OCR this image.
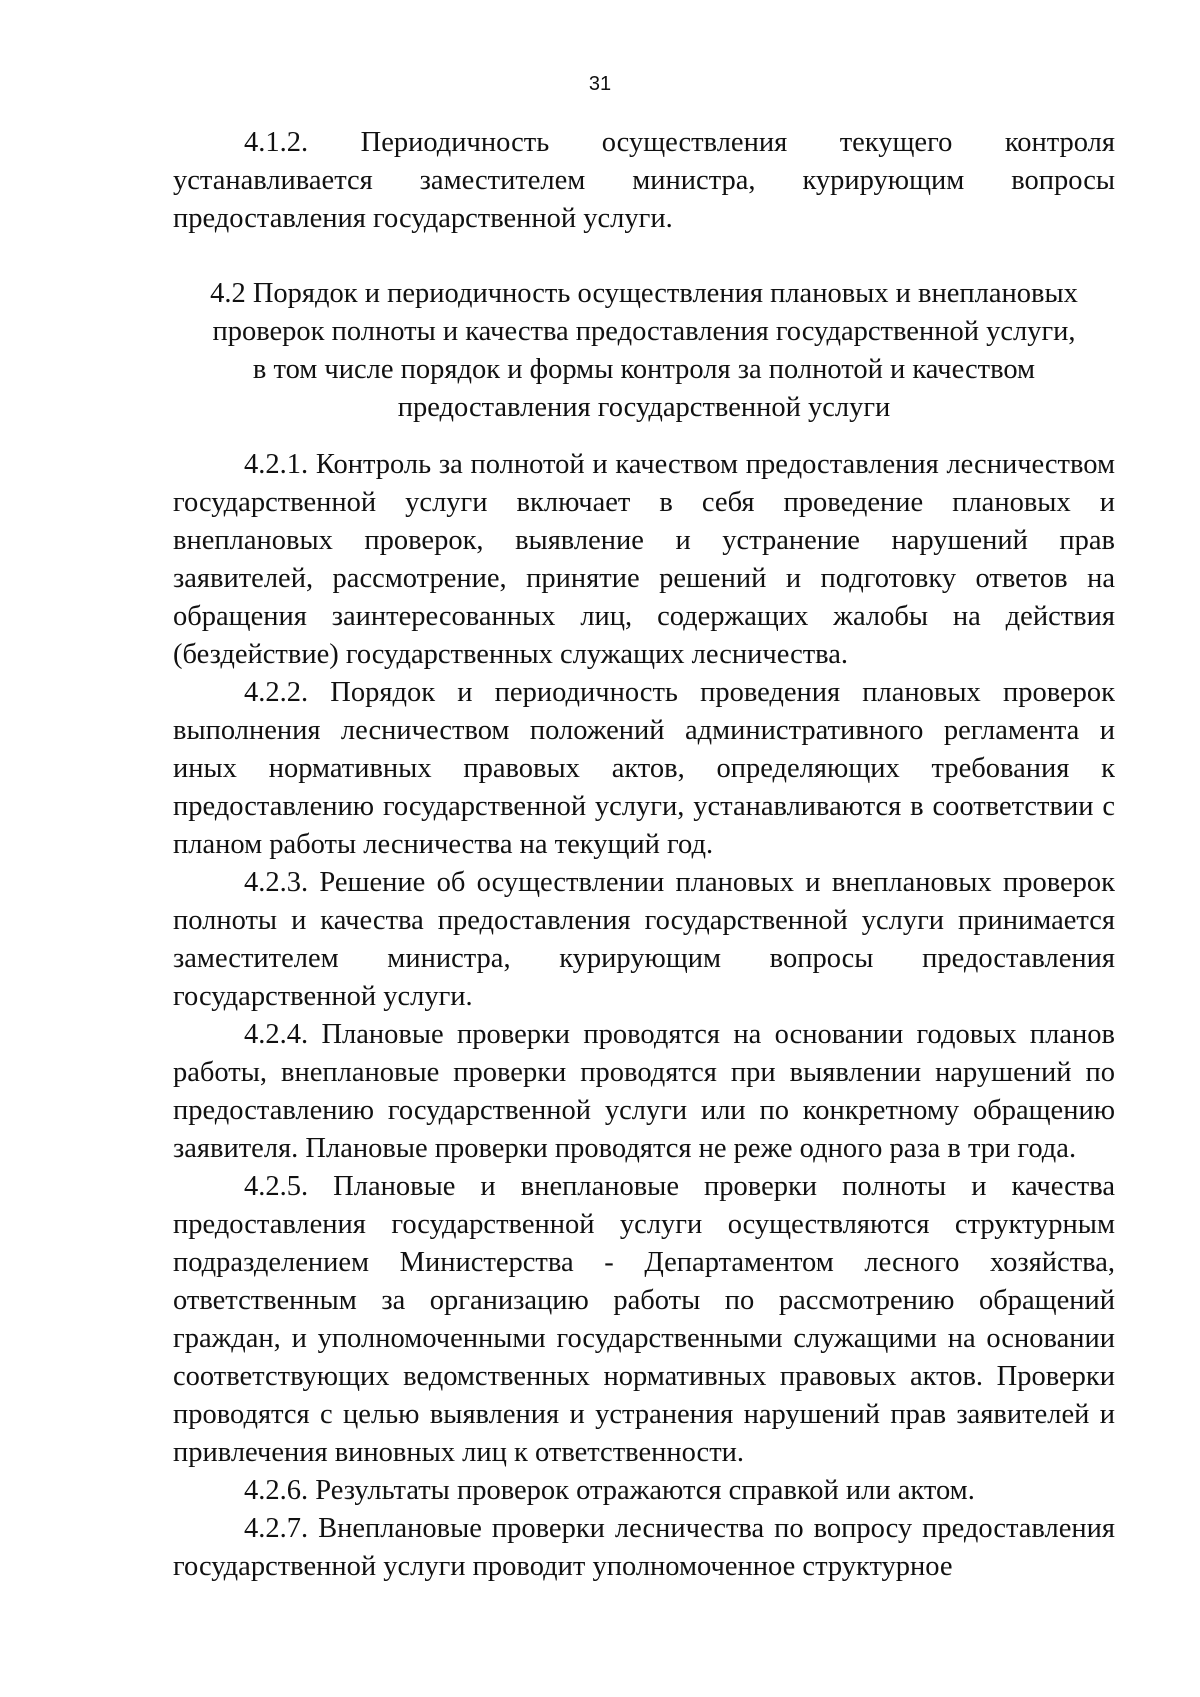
31

4.1.2. Периодичность осуществления текущего контроля устанавливается заместителем министра, курирующим вопросы предоставления государственной услуги.

4.2 Порядок и периодичность осуществления плановых и внеплановых
проверок полноты и качества предоставления государственной услуги,
в том числе порядок и формы контроля за полнотой и качеством
предоставления государственной услуги

4.2.1. Контроль за полнотой и качеством предоставления лесничеством государственной услуги включает в себя проведение плановых и внеплановых проверок, выявление и устранение нарушений прав заявителей, рассмотрение, принятие решений и подготовку ответов на обращения заинтересованных лиц, содержащих жалобы на действия (бездействие) государственных служащих лесничества.

4.2.2. Порядок и периодичность проведения плановых проверок выполнения лесничеством положений административного регламента и иных нормативных правовых актов, определяющих требования к предоставлению государственной услуги, устанавливаются в соответствии с планом работы лесничества на текущий год.

4.2.3. Решение об осуществлении плановых и внеплановых проверок полноты и качества предоставления государственной услуги принимается заместителем министра, курирующим вопросы предоставления государственной услуги.

4.2.4. Плановые проверки проводятся на основании годовых планов работы, внеплановые проверки проводятся при выявлении нарушений по предоставлению государственной услуги или по конкретному обращению заявителя. Плановые проверки проводятся не реже одного раза в три года.

4.2.5. Плановые и внеплановые проверки полноты и качества предоставления государственной услуги осуществляются структурным подразделением Министерства - Департаментом лесного хозяйства, ответственным за организацию работы по рассмотрению обращений граждан, и уполномоченными государственными служащими на основании соответствующих ведомственных нормативных правовых актов. Проверки проводятся с целью выявления и устранения нарушений прав заявителей и привлечения виновных лиц к ответственности.

4.2.6. Результаты проверок отражаются справкой или актом.

4.2.7. Внеплановые проверки лесничества по вопросу предоставления государственной услуги проводит уполномоченное структурное
